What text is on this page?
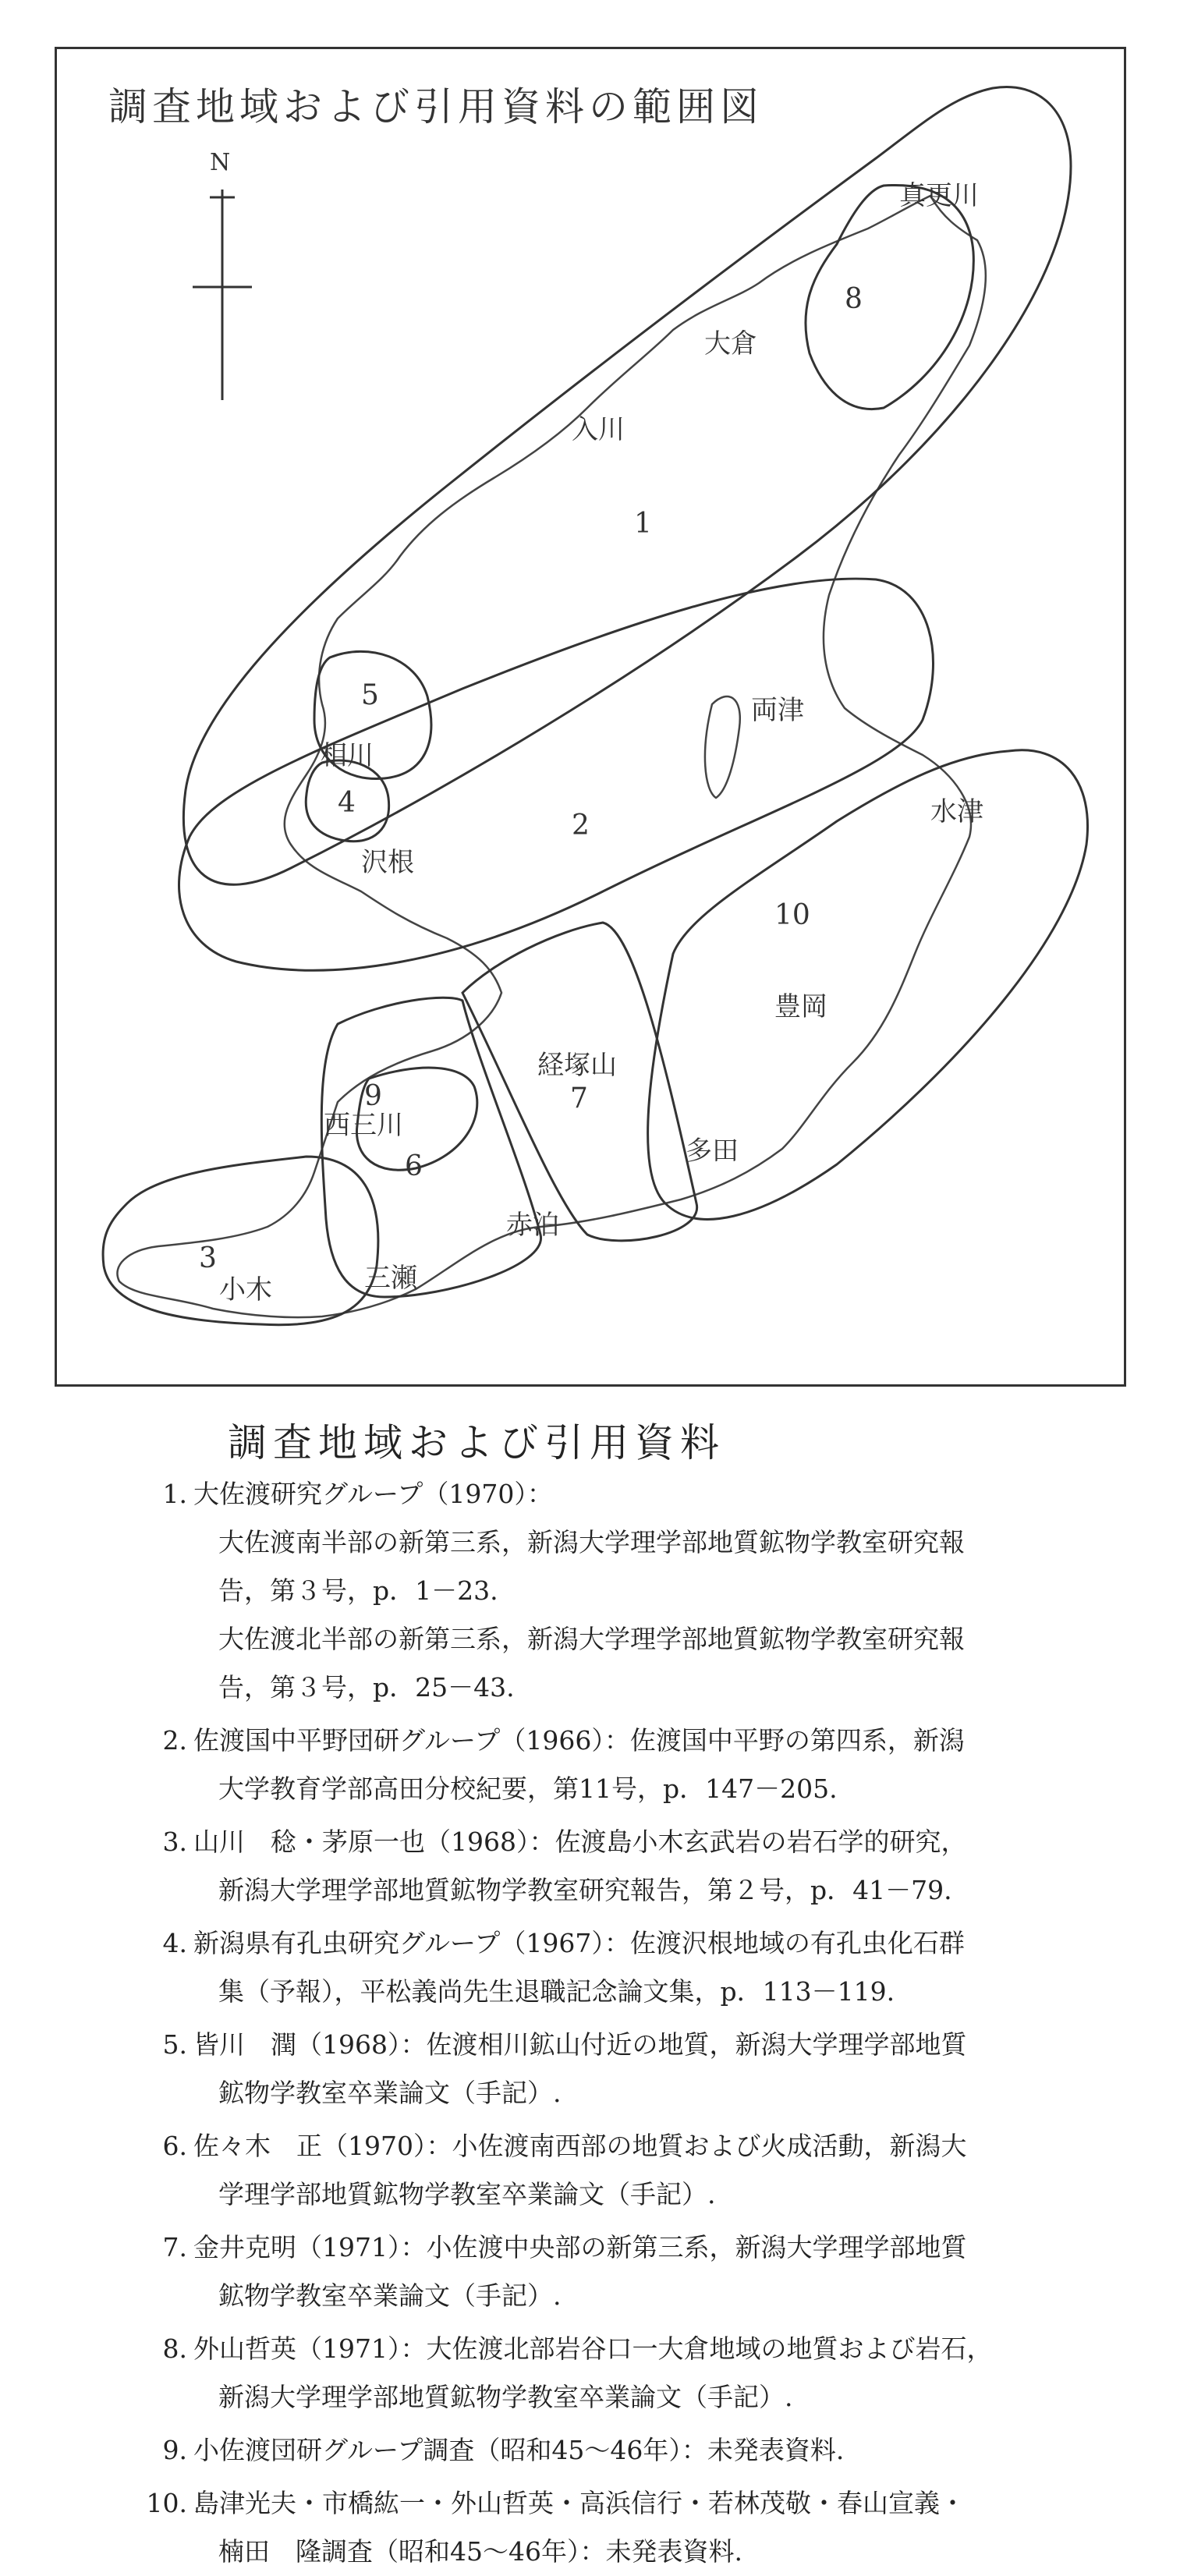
調査地域および引用資料の範囲図
N
真更川
大倉
入川
相川
両津
沢根
水津
豊岡
経塚山
西三川
多田
赤泊
小木	三瀬
1
2
3
4
5
6
7
8
9
10
調査地域および引用資料
1. 大佐渡研究グループ（1970）：
大佐渡南半部の新第三系，新潟大学理学部地質鉱物学教室研究報
告，第３号，p．1－23.
大佐渡北半部の新第三系，新潟大学理学部地質鉱物学教室研究報
告，第３号，p．25－43.
2. 佐渡国中平野団研グループ（1966）：佐渡国中平野の第四系，新潟
大学教育学部高田分校紀要，第11号，p．147－205.
3. 山川　稔・茅原一也（1968）：佐渡島小木玄武岩の岩石学的研究，
新潟大学理学部地質鉱物学教室研究報告，第２号，p．41－79.
4. 新潟県有孔虫研究グループ（1967）：佐渡沢根地域の有孔虫化石群
集（予報），平松義尚先生退職記念論文集，p．113－119.
5. 皆川　潤（1968）：佐渡相川鉱山付近の地質，新潟大学理学部地質
鉱物学教室卒業論文（手記）.
6. 佐々木　正（1970）：小佐渡南西部の地質および火成活動，新潟大
学理学部地質鉱物学教室卒業論文（手記）.
7. 金井克明（1971）：小佐渡中央部の新第三系，新潟大学理学部地質
鉱物学教室卒業論文（手記）.
8. 外山哲英（1971）：大佐渡北部岩谷口一大倉地域の地質および岩石，
新潟大学理学部地質鉱物学教室卒業論文（手記）.
9. 小佐渡団研グループ調査（昭和45～46年）：未発表資料.
10. 島津光夫・市橋紘一・外山哲英・高浜信行・若林茂敬・春山宣義・
楠田　隆調査（昭和45～46年）：未発表資料.
